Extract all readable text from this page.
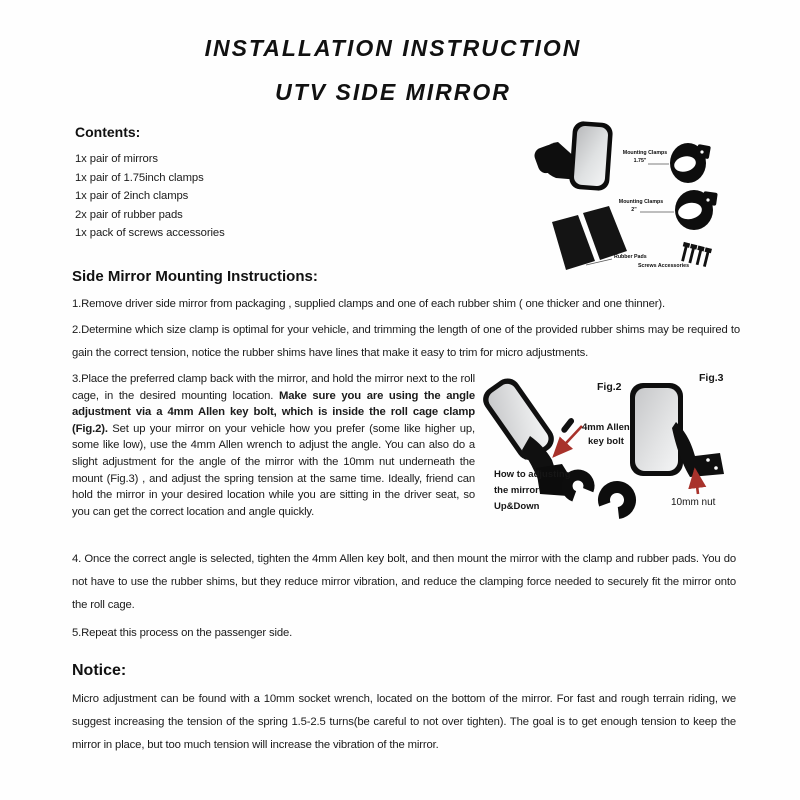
INSTALLATION INSTRUCTION
UTV SIDE MIRROR
Contents:
1x pair of mirrors
1x pair of 1.75inch clamps
1x pair of 2inch clamps
2x pair of rubber pads
1x pack of screws accessories
Mounting Clamps
1.75"
Mounting Clamps
2"
Rubber Pads
Screws Accessories
Side Mirror Mounting Instructions:

1.Remove driver side mirror from packaging , supplied clamps and one of each rubber shim ( one thicker and one thinner).

2.Determine which size clamp is optimal for your vehicle, and trimming the length of one of the provided rubber shims may be required to gain the correct tension, notice the rubber shims have lines that make it easy to trim for micro adjustments.

3.Place the preferred clamp back with the mirror, and hold the mirror next to the roll cage, in the desired mounting location. Make sure you are using the angle adjustment via a 4mm Allen key bolt, which is inside the roll cage clamp (Fig.2). Set up your mirror on your vehicle how you prefer (some like higher up, some like low), use the 4mm Allen wrench to adjust the angle. You can also do a slight adjustment for the angle of the mirror with the 10mm nut underneath the mount (Fig.3) , and adjust the spring tension at the same time. Ideally, friend can hold the mirror in your desired location while you are sitting in the driver seat, so you can get the correct location and angle quickly.

Fig.2
Fig.3
4mm Allen
key bolt
How to adjusting
the mirror
Up&Down	10mm nut

4. Once the correct angle is selected, tighten the 4mm Allen key bolt, and then mount the mirror with the clamp and rubber pads. You do not have to use the rubber shims, but they reduce mirror vibration, and reduce the clamping force needed to securely fit the mirror onto the roll cage.

5.Repeat this process on the passenger side.

Notice:

Micro adjustment can be found with a 10mm socket wrench, located on the bottom of the mirror. For fast and rough terrain riding, we suggest increasing the tension of the spring 1.5-2.5 turns(be careful to not over tighten). The goal is to get enough tension to keep the mirror in place, but too much tension will increase the vibration of the mirror.
